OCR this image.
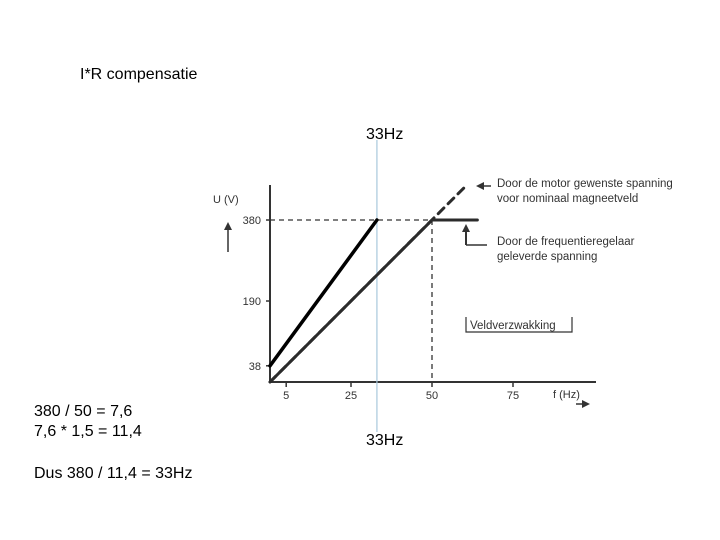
I*R compensatie
33Hz
33Hz
380 / 50 = 7,6
7,6 * 1,5 = 11,4
Dus 380 / 11,4 = 33Hz
U (V)
f (Hz)
38
190
380
5	25	50	75
Door de motor gewenste spanning
voor nominaal magneetveld
Door de frequentieregelaar
geleverde spanning
Veldverzwakking
